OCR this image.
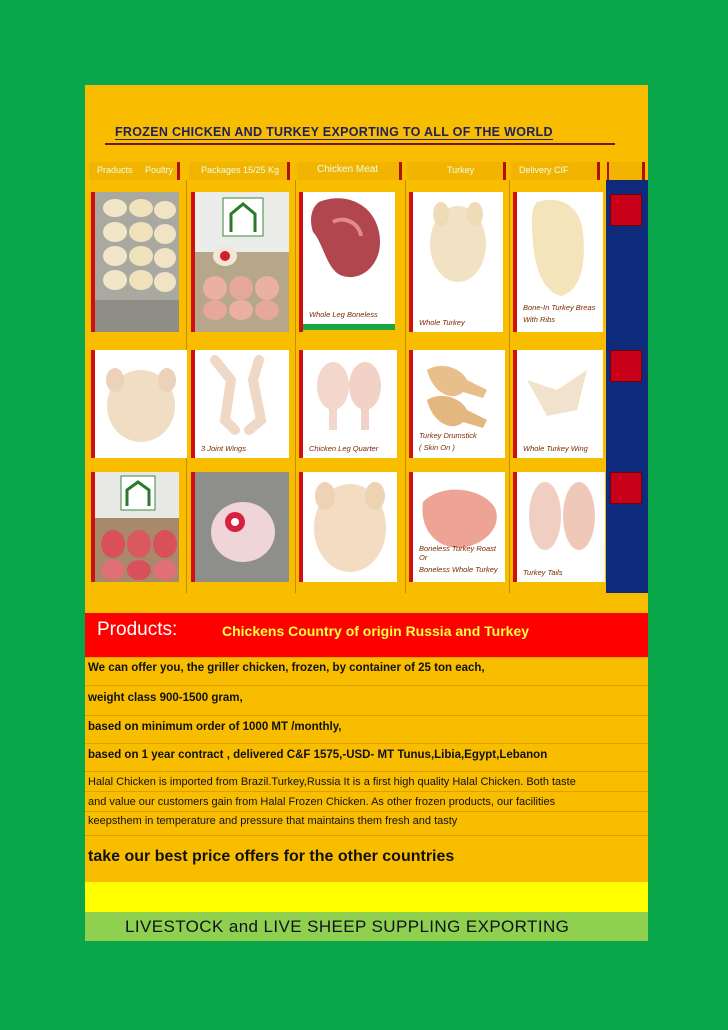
FROZEN CHICKEN AND TURKEY EXPORTING TO ALL OF THE WORLD
Praducts Poultry	Packages 15/25 Kg	Chicken Meat	Turkey	Delivery CIF
Whole Leg Boneless
Whole Turkey
Bone-In Turkey Breas
With Ribs
3 Joint Wings	Chicken Leg Quarter
Turkey Drumstick
( Skin On )	Whole Turkey Wing
Boneless Turkey Roast Or
Boneless Whole Turkey	Turkey Tails
Products:	Chickens Country of origin Russia and Turkey
We can offer you, the griller chicken, frozen, by container of 25 ton each,
weight class 900-1500 gram,
based on minimum order of 1000 MT /monthly,
based on 1 year contract , delivered C&F 1575,-USD- MT Tunus,Libia,Egypt,Lebanon
Halal Chicken is imported from Brazil.Turkey,Russia It is a first high quality Halal Chicken. Both taste
and value our customers gain from Halal Frozen Chicken. As other frozen products, our facilities
keepsthem in temperature and pressure that maintains them fresh and tasty
take our best price offers for the other countries
LIVESTOCK and LIVE SHEEP SUPPLING EXPORTING
